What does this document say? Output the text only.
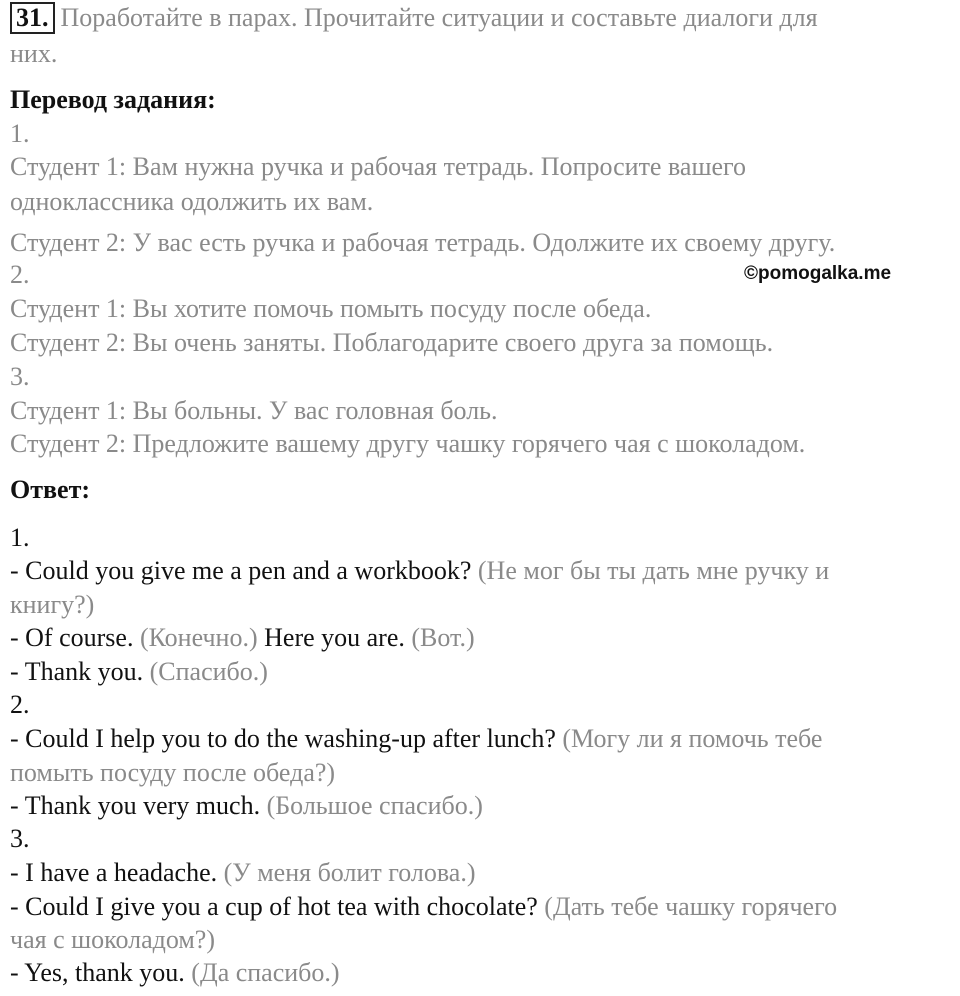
31. Поработайте в парах. Прочитайте ситуации и составьте диалоги для
них.
Перевод задания:
1.
Студент 1: Вам нужна ручка и рабочая тетрадь. Попросите вашего
одноклассника одолжить их вам.
Студент 2: У вас есть ручка и рабочая тетрадь. Одолжите их своему другу.
2.	©pomogalka.me
Студент 1: Вы хотите помочь помыть посуду после обеда.
Студент 2: Вы очень заняты. Поблагодарите своего друга за помощь.
3.
Студент 1: Вы больны. У вас головная боль.
Студент 2: Предложите вашему другу чашку горячего чая с шоколадом.
Ответ:
1.
- Could you give me a pen and a workbook? (Не мог бы ты дать мне ручку и
книгу?)
- Of course. (Конечно.) Here you are. (Вот.)
- Thank you. (Спасибо.)
2.
- Could I help you to do the washing-up after lunch? (Могу ли я помочь тебе
помыть посуду после обеда?)
- Thank you very much. (Большое спасибо.)
3.
- I have a headache. (У меня болит голова.)
- Could I give you a cup of hot tea with chocolate? (Дать тебе чашку горячего
чая с шоколадом?)
- Yes, thank you. (Да спасибо.)
